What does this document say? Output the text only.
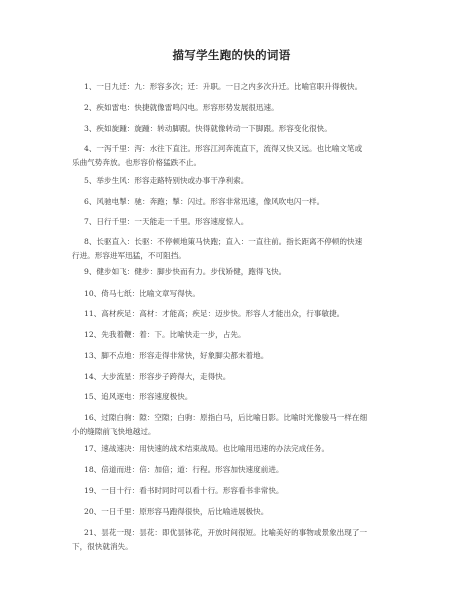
描写学生跑的快的词语
1、一日九迁：九：形容多次；迁：升职。一日之内多次升迁。比喻官职升得极快。
2、疾如雷电：快捷就像雷鸣闪电。形容形势发展很迅速。
3、疾如旋踵：旋踵：转动脚跟。快得就像转动一下脚跟。形容变化很快。
4、一泻千里：泻：水往下直注。形容江河奔流直下，流得又快又远。也比喻文笔或
乐曲气势奔放。也形容价格猛跌不止。
5、举步生风：形容走路特别快或办事干净利索。
6、风驰电掣：驰：奔跑；掣：闪过。形容非常迅速，像风吹电闪一样。
7、日行千里：一天能走一千里。形容速度惊人。
8、长驱直入：长驱：不停顿地策马快跑；直入：一直往前。指长距离不停顿的快速
行进。形容进军迅猛，不可阻挡。
9、健步如飞：健步：脚步快而有力。步伐矫健，跑得飞快。
10、倚马七纸：比喻文章写得快。
11、高材疾足：高材：才能高；疾足：迈步快。形容人才能出众，行事敏捷。
12、先我着鞭：着：下。比喻快走一步，占先。
13、脚不点地：形容走得非常快，好象脚尖都未着地。
14、大步流星：形容步子跨得大，走得快。
15、追风逐电：形容速度极快。
16、过隙白驹：隙：空隙；白驹：原指白马，后比喻日影。比喻时光像骏马一样在细
小的缝隙前飞快地越过。
17、速战速决：用快速的战术结束战局。也比喻用迅速的办法完成任务。
18、倍道而进：倍：加倍；道：行程。形容加快速度前进。
19、一目十行：看书时同时可以看十行。形容看书非常快。
20、一日千里：原形容马跑得很快，后比喻进展极快。
21、昙花一现：昙花：即优昙钵花，开放时间很短。比喻美好的事物或景象出现了一
下，很快就消失。
